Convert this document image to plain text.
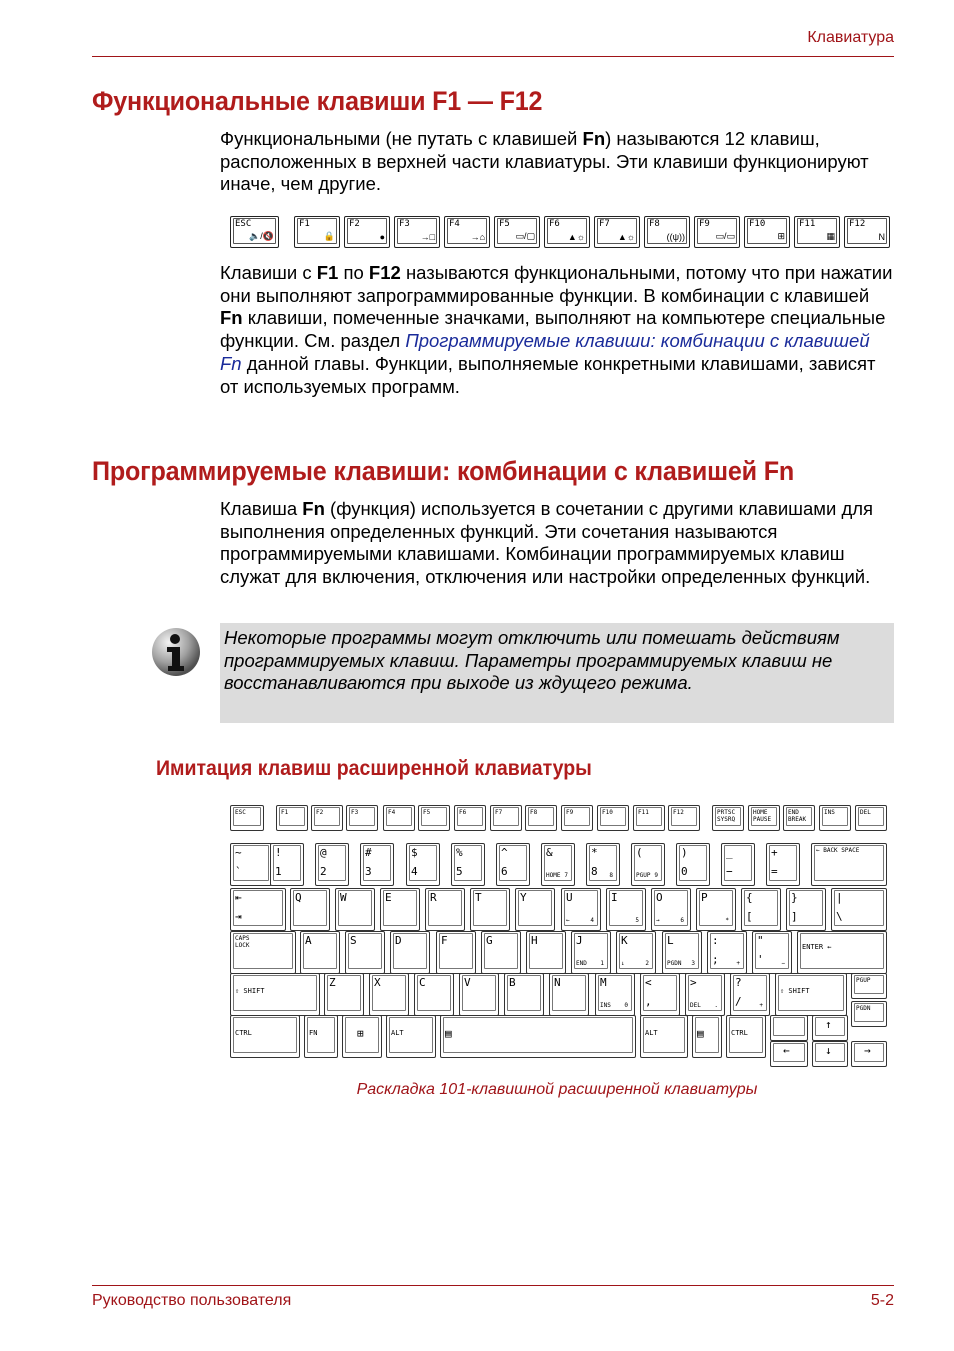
Клавиатура
Функциональные клавиши F1 — F12

Функциональными (не путать с клавишей Fn) называются 12 клавиш, расположенных в верхней части клавиатуры. Эти клавиши функционируют иначе, чем другие.

ESC
🔈/🔇
F1
🔒
F2
●
F3
→□
F4
→⌂
F5
▭/▢
F6
▲☼
F7
▲☼
F8
((ψ))
F9
▭/▭
F10
⊞
F11
▦
F12
N

Клавиши с F1 по F12 называются функциональными, потому что при нажатии они выполняют запрограммированные функции. В комбинации с клавишей Fn клавиши, помеченные значками, выполняют на компьютере специальные функции. См. раздел Программируемые клавиши: комбинации с клавишей Fn данной главы. Функции, выполняемые конкретными клавишами, зависят от используемых программ.

Программируемые клавиши: комбинации с клавишей Fn

Клавиша Fn (функция) используется в сочетании с другими клавишами для выполнения определенных функций. Эти сочетания называются программируемыми клавишами. Комбинации программируемых клавиш служат для включения, отключения или настройки определенных функций.

Некоторые программы могут отключить или помешать действиям программируемых клавиш. Параметры программируемых клавиш не восстанавливаются при выходе из ждущего режима.

Имитация клавиш расширенной клавиатуры
ESC	F1	F2	F3	F4	F5	F6	F7	F8	F9	F10	F11	F12	PRTSC SYSRQ
HOME PAUSE
END BREAK
INS	DEL
~
`
!
1
@
2
#
3
$
4
%
5
^
6
&
HOME 7
*
8 8
(
PGUP 9
)
0
_
−
+
=
← BACK SPACE
⇤
⇥
Q	W	E	R	T	Y	U
←	4
I
5
O
→	6
P
*
{
[
}
]
|
\
CAPS LOCK	A	S	D	F	G	H	J
END 1
K
↓	2
L
PGDN 3
:
;	+
"
'	−
ENTER ←
⇧ SHIFT
Z	X	C	V	B	N	M
INS 0
<
,
>
DEL .
?
/	+
⇧ SHIFT
PGUP
CTRL	FN	⊞	ALT	▤	ALT	▤	CTRL
↑
PGDN
←	↓	→
Раскладка 101-клавишной расширенной клавиатуры
Руководство пользователя	5-2
